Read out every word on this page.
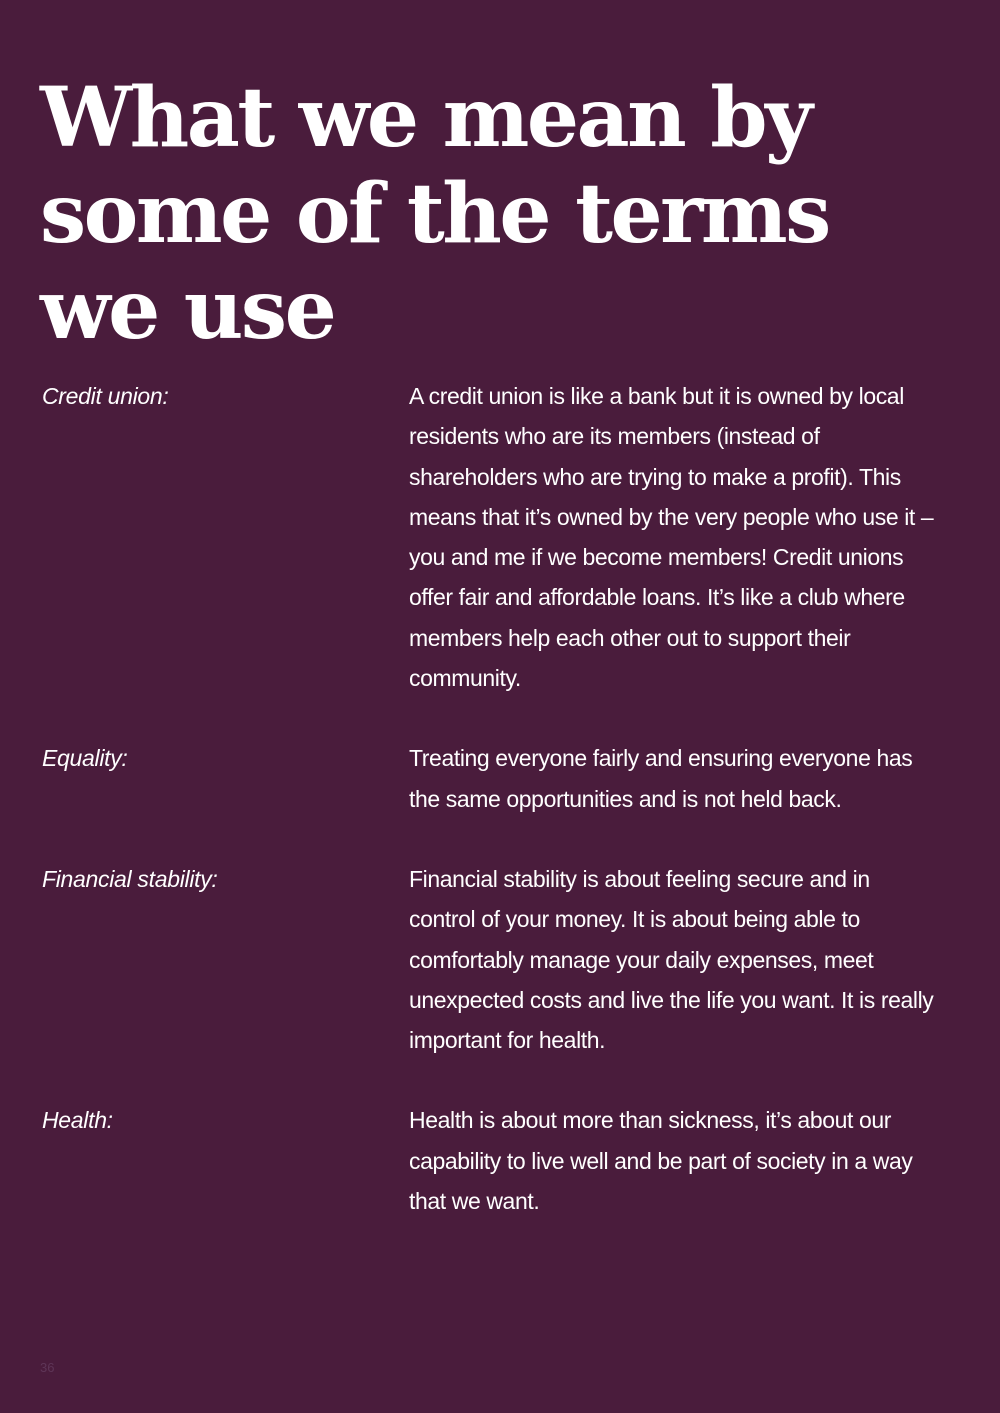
What we mean by some of the terms we use
Credit union:	A credit union is like a bank but it is owned by local residents who are its members (instead of shareholders who are trying to make a profit). This means that it’s owned by the very people who use it – you and me if we become members! Credit unions offer fair and affordable loans. It’s like a club where members help each other out to support their community.
Equality:	Treating everyone fairly and ensuring everyone has the same opportunities and is not held back.
Financial stability:	Financial stability is about feeling secure and in control of your money. It is about being able to comfortably manage your daily expenses, meet unexpected costs and live the life you want. It is really important for health.
Health:	Health is about more than sickness, it’s about our capability to live well and be part of society in a way that we want.
36
